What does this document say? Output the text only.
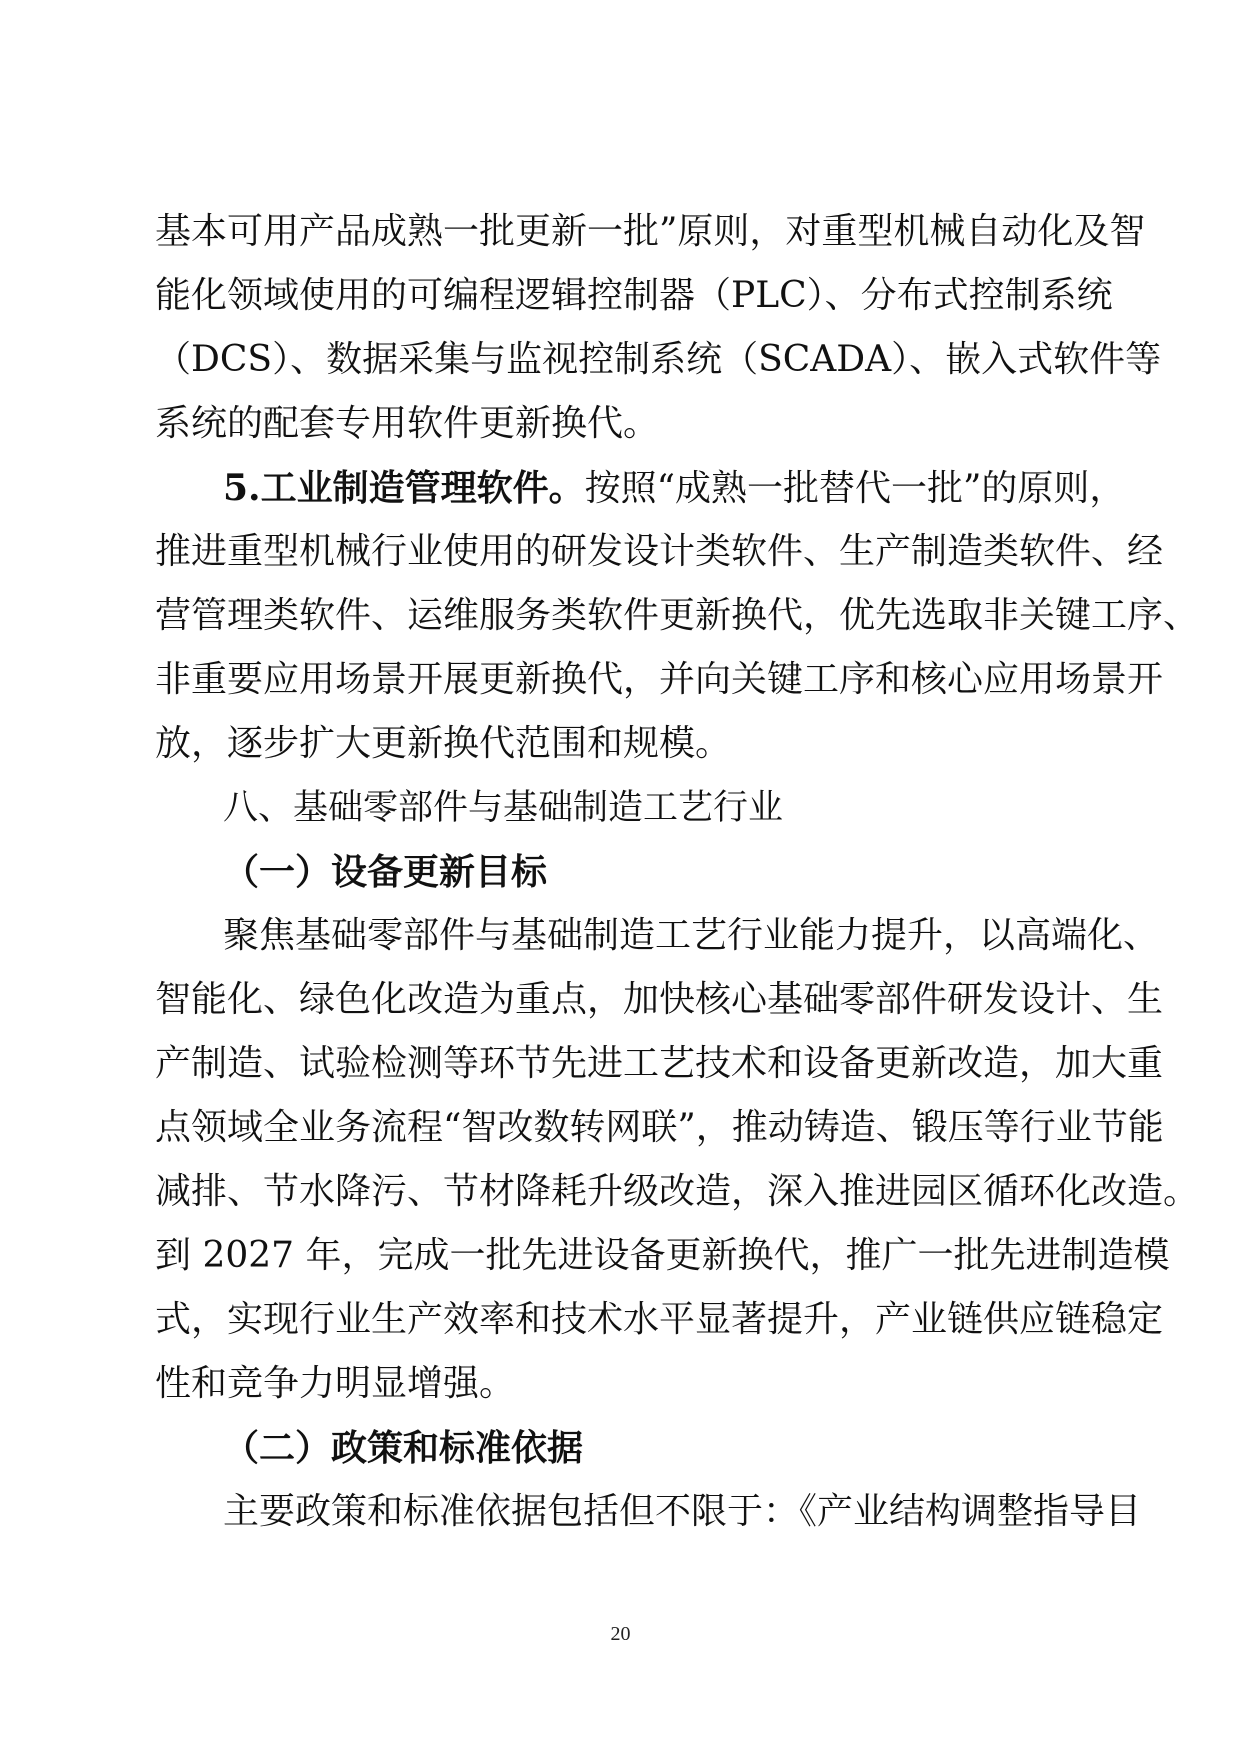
基本可用产品成熟一批更新一批”原则，对重型机械自动化及智
能化领域使用的可编程逻辑控制器（PLC）、分布式控制系统
（DCS）、数据采集与监视控制系统（SCADA）、嵌入式软件等
系统的配套专用软件更新换代。
5.工业制造管理软件。按照“成熟一批替代一批”的原则，
推进重型机械行业使用的研发设计类软件、生产制造类软件、经
营管理类软件、运维服务类软件更新换代，优先选取非关键工序、
非重要应用场景开展更新换代，并向关键工序和核心应用场景开
放，逐步扩大更新换代范围和规模。
八、基础零部件与基础制造工艺行业
（一）设备更新目标
聚焦基础零部件与基础制造工艺行业能力提升，以高端化、
智能化、绿色化改造为重点，加快核心基础零部件研发设计、生
产制造、试验检测等环节先进工艺技术和设备更新改造，加大重
点领域全业务流程“智改数转网联”，推动铸造、锻压等行业节能
减排、节水降污、节材降耗升级改造，深入推进园区循环化改造。
到 2027 年，完成一批先进设备更新换代，推广一批先进制造模
式，实现行业生产效率和技术水平显著提升，产业链供应链稳定
性和竞争力明显增强。
（二）政策和标准依据
主要政策和标准依据包括但不限于：《产业结构调整指导目
20
